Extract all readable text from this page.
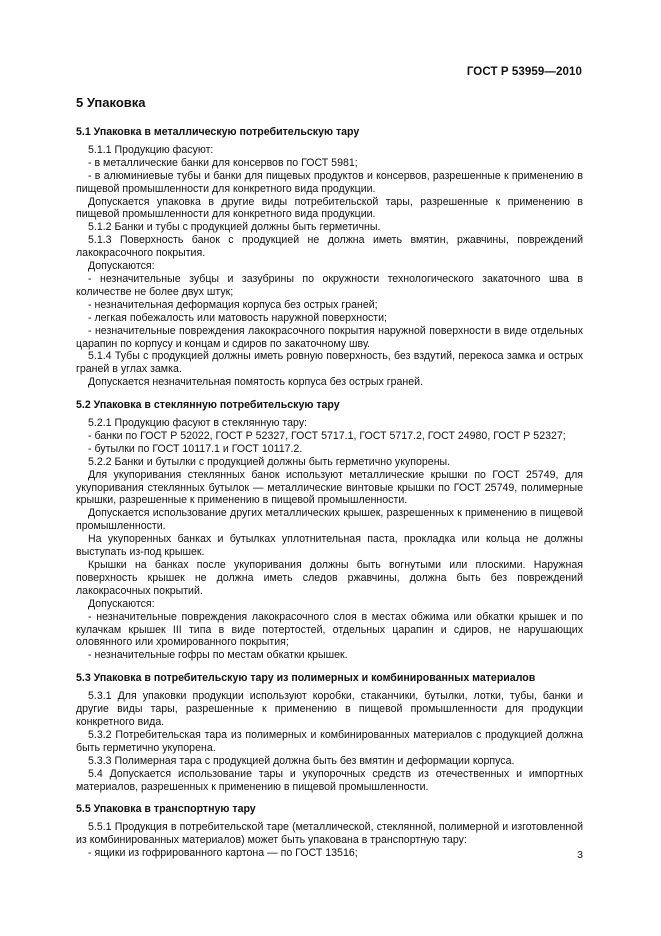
ГОСТ Р 53959—2010
5 Упаковка
5.1 Упаковка в металлическую потребительскую тару

5.1.1 Продукцию фасуют:

- в металлические банки для консервов по ГОСТ 5981;

- в алюминиевые тубы и банки для пищевых продуктов и консервов, разрешенные к применению в пищевой промышленности для конкретного вида продукции.

Допускается упаковка в другие виды потребительской тары, разрешенные к применению в пищевой промышленности для конкретного вида продукции.

5.1.2 Банки и тубы с продукцией должны быть герметичны.

5.1.3 Поверхность банок с продукцией не должна иметь вмятин, ржавчины, повреждений лакокрасочного покрытия.

Допускаются:

- незначительные зубцы и зазубрины по окружности технологического закаточного шва в количестве не более двух штук;

- незначительная деформация корпуса без острых граней;

- легкая побежалость или матовость наружной поверхности;

- незначительные повреждения лакокрасочного покрытия наружной поверхности в виде отдельных царапин по корпусу и концам и сдиров по закаточному шву.

5.1.4 Тубы с продукцией должны иметь ровную поверхность, без вздутий, перекоса замка и острых граней в углах замка.

Допускается незначительная помятость корпуса без острых граней.

5.2 Упаковка в стеклянную потребительскую тару

5.2.1 Продукцию фасуют в стеклянную тару:

- банки по ГОСТ Р 52022, ГОСТ Р 52327, ГОСТ 5717.1, ГОСТ 5717.2, ГОСТ 24980, ГОСТ Р 52327;

- бутылки по ГОСТ 10117.1 и ГОСТ 10117.2.

5.2.2 Банки и бутылки с продукцией должны быть герметично укупорены.

Для укупоривания стеклянных банок используют металлические крышки по ГОСТ 25749, для укупоривания стеклянных бутылок — металлические винтовые крышки по ГОСТ 25749, полимерные крышки, разрешенные к применению в пищевой промышленности.

Допускается использование других металлических крышек, разрешенных к применению в пищевой промышленности.

На укупоренных банках и бутылках уплотнительная паста, прокладка или кольца не должны выступать из-под крышек.

Крышки на банках после укупоривания должны быть вогнутыми или плоскими. Наружная поверхность крышек не должна иметь следов ржавчины, должна быть без повреждений лакокрасочных покрытий.

Допускаются:

- незначительные повреждения лакокрасочного слоя в местах обжима или обкатки крышек и по кулачкам крышек III типа в виде потертостей, отдельных царапин и сдиров, не нарушающих оловянного или хромированного покрытия;

- незначительные гофры по местам обкатки крышек.

5.3 Упаковка в потребительскую тару из полимерных и комбинированных материалов

5.3.1 Для упаковки продукции используют коробки, стаканчики, бутылки, лотки, тубы, банки и другие виды тары, разрешенные к применению в пищевой промышленности для продукции конкретного вида.

5.3.2 Потребительская тара из полимерных и комбинированных материалов с продукцией должна быть герметично укупорена.

5.3.3 Полимерная тара с продукцией должна быть без вмятин и деформации корпуса.

5.4 Допускается использование тары и укупорочных средств из отечественных и импортных материалов, разрешенных к применению в пищевой промышленности.

5.5 Упаковка в транспортную тару

5.5.1 Продукция в потребительской таре (металлической, стеклянной, полимерной и изготовленной из комбинированных материалов) может быть упакована в транспортную тару:

- ящики из гофрированного картона — по ГОСТ 13516;	3
